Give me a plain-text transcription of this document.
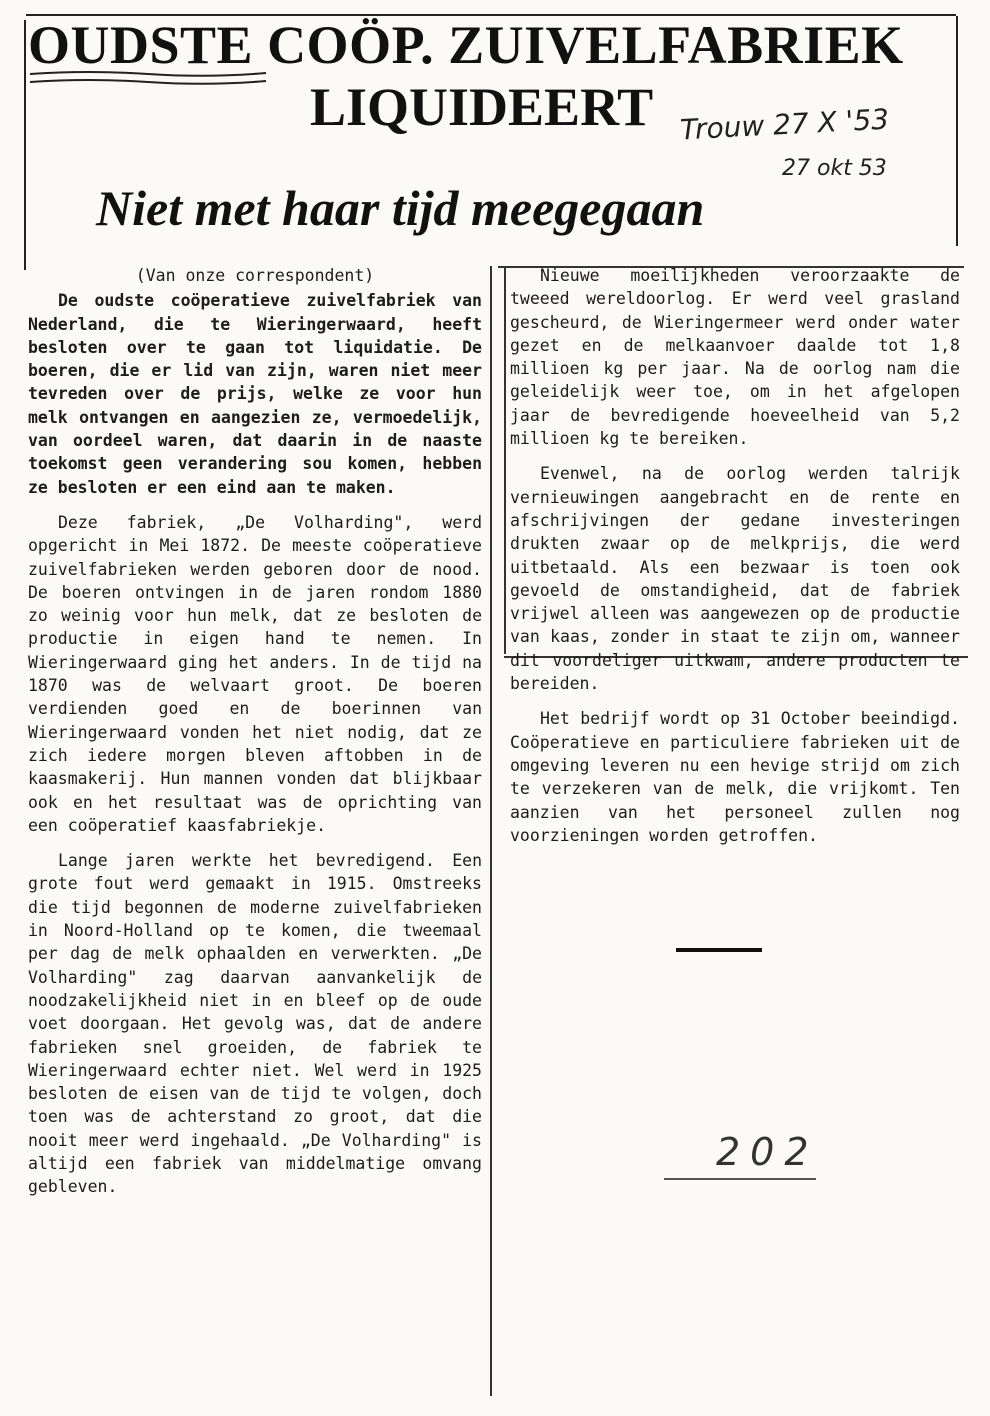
OUDSTE COÖP. ZUIVELFABRIEK
LIQUIDEERT Trouw 27 X '53
27 okt 53
Niet met haar tijd meegegaan

(Van onze correspondent)

De oudste coöperatieve zuivelfabriek van Nederland, die te Wieringerwaard, heeft besloten over te gaan tot liquidatie. De boeren, die er lid van zijn, waren niet meer tevreden over de prijs, welke ze voor hun melk ontvangen en aangezien ze, vermoedelijk, van oordeel waren, dat daarin in de naaste toekomst geen verandering sou komen, hebben ze besloten er een eind aan te maken.

Deze fabriek, „De Volharding", werd opgericht in Mei 1872. De meeste coöperatieve zuivelfabrieken werden geboren door de nood. De boeren ontvingen in de jaren rondom 1880 zo weinig voor hun melk, dat ze besloten de productie in eigen hand te nemen. In Wieringerwaard ging het anders. In de tijd na 1870 was de welvaart groot. De boeren verdienden goed en de boerinnen van Wieringerwaard vonden het niet nodig, dat ze zich iedere morgen bleven aftobben in de kaasmakerij. Hun mannen vonden dat blijkbaar ook en het resultaat was de oprichting van een coöperatief kaasfabriekje.

Lange jaren werkte het bevredigend. Een grote fout werd gemaakt in 1915. Omstreeks die tijd begonnen de moderne zuivelfabrieken in Noord-Holland op te komen, die tweemaal per dag de melk ophaalden en verwerkten. „De Volharding" zag daarvan aanvankelijk de noodzakelijkheid niet in en bleef op de oude voet doorgaan. Het gevolg was, dat de andere fabrieken snel groeiden, de fabriek te Wieringerwaard echter niet. Wel werd in 1925 besloten de eisen van de tijd te volgen, doch toen was de achterstand zo groot, dat die nooit meer werd ingehaald. „De Volharding" is altijd een fabriek van middelmatige omvang gebleven.

Nieuwe moeilijkheden veroorzaakte de tweeed wereldoorlog. Er werd veel grasland gescheurd, de Wieringermeer werd onder water gezet en de melkaanvoer daalde tot 1,8 millioen kg per jaar. Na de oorlog nam die geleidelijk weer toe, om in het afgelopen jaar de bevredigende hoeveelheid van 5,2 millioen kg te bereiken.

Evenwel, na de oorlog werden talrijk vernieuwingen aangebracht en de rente en afschrijvingen der gedane investeringen drukten zwaar op de melkprijs, die werd uitbetaald. Als een bezwaar is toen ook gevoeld de omstandigheid, dat de fabriek vrijwel alleen was aangewezen op de productie van kaas, zonder in staat te zijn om, wanneer dit voordeliger uitkwam, andere producten te bereiden.

Het bedrijf wordt op 31 October beeindigd. Coöperatieve en particuliere fabrieken uit de omgeving leveren nu een hevige strijd om zich te verzekeren van de melk, die vrijkomt. Ten aanzien van het personeel zullen nog voorzieningen worden getroffen.

202
